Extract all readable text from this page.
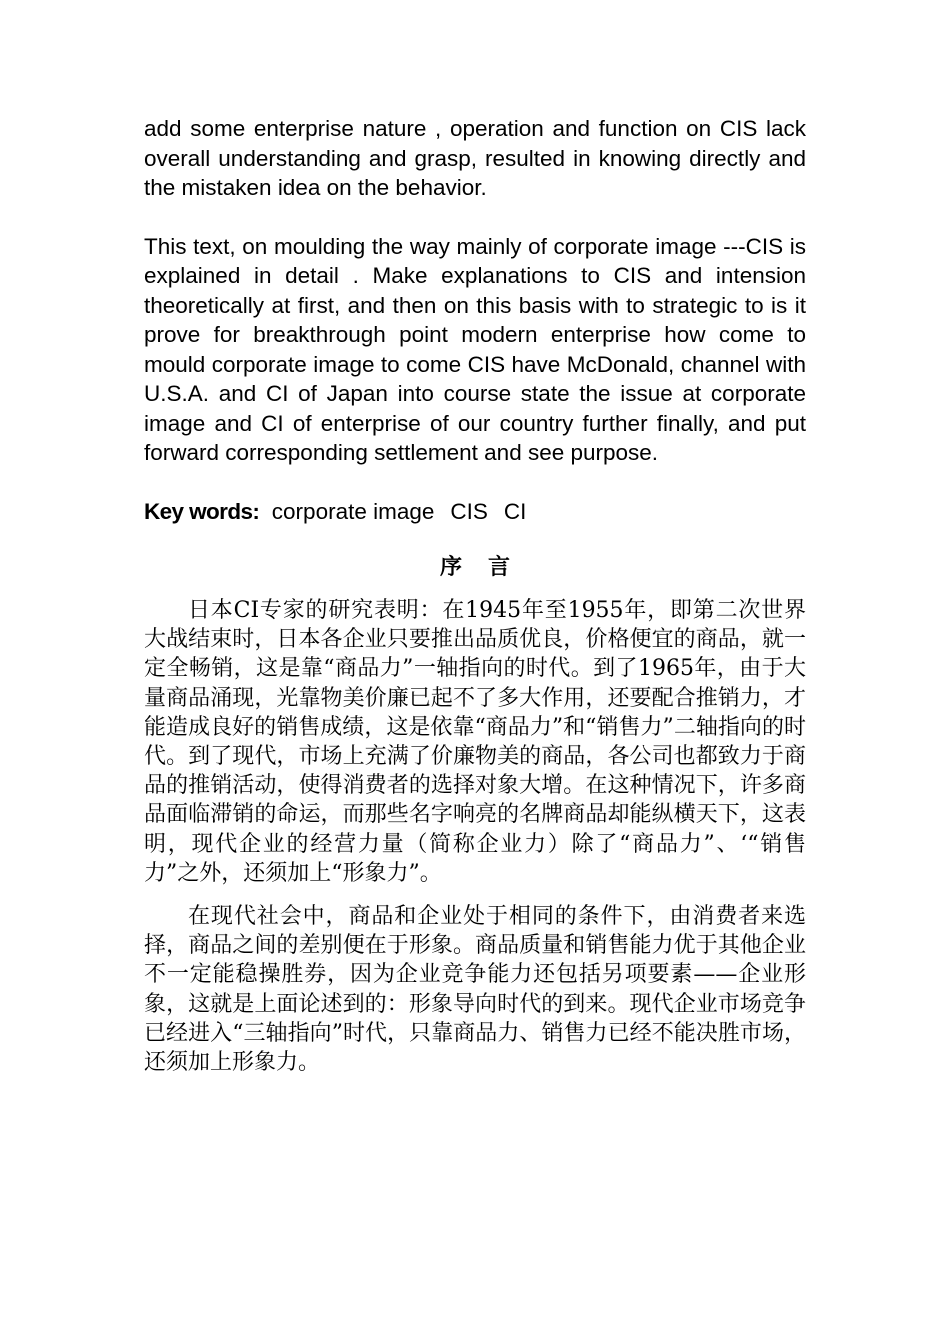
add some enterprise nature , operation and function on CIS lack overall understanding and grasp, resulted in knowing directly and the mistaken idea on the behavior.

This text, on moulding the way mainly of corporate image ---CIS is explained in detail . Make explanations to CIS and intension theoretically at first, and then on this basis with to strategic to is it prove for breakthrough point modern enterprise how come to mould corporate image to come CIS have McDonald, channel with U.S.A. and CI of Japan into course state the issue at corporate image and CI of enterprise of our country further finally, and put forward corresponding settlement and see purpose.

Key words: corporate image CIS CI

序言

日本CI专家的研究表明：在1945年至1955年，即第二次世界大战结束时，日本各企业只要推出品质优良，价格便宜的商品，就一定全畅销，这是靠“商品力”一轴指向的时代。到了1965年，由于大量商品涌现，光靠物美价廉已起不了多大作用，还要配合推销力，才能造成良好的销售成绩，这是依靠“商品力”和“销售力”二轴指向的时代。到了现代，市场上充满了价廉物美的商品，各公司也都致力于商品的推销活动，使得消费者的选择对象大增。在这种情况下，许多商品面临滞销的命运，而那些名字响亮的名牌商品却能纵横天下，这表明，现代企业的经营力量（简称企业力）除了“商品力”、‘“销售力”之外，还须加上“形象力”。

在现代社会中，商品和企业处于相同的条件下，由消费者来选择，商品之间的差别便在于形象。商品质量和销售能力优于其他企业不一定能稳操胜券，因为企业竞争能力还包括另项要素——企业形象，这就是上面论述到的：形象导向时代的到来。现代企业市场竞争已经进入“三轴指向”时代，只靠商品力、销售力已经不能决胜市场，还须加上形象力。
